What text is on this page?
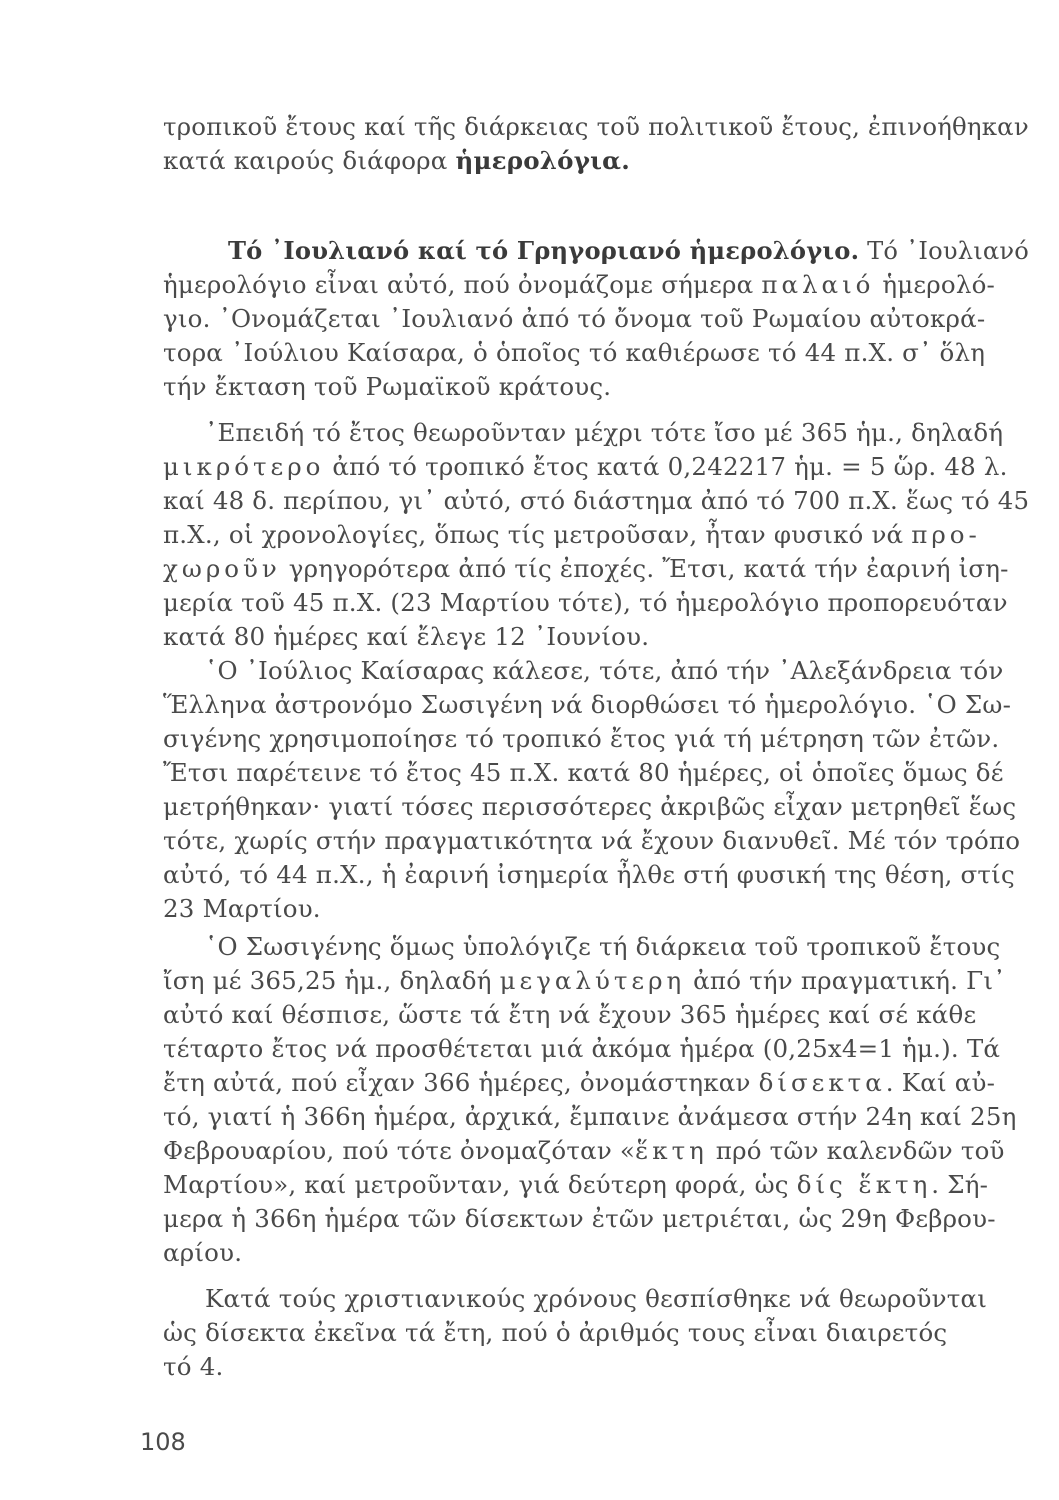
τροπικοῦ ἔτους καί τῆς διάρκειας τοῦ πολιτικοῦ ἔτους, ἐπινοήθηκαν
κατά καιρούς διάφορα ἡμερολόγια.
Τό ᾿Ιουλιανό καί τό Γρηγοριανό ἡμερολόγιο. Τό ᾿Ιουλιανό
ἡμερολόγιο εἶναι αὐτό, πού ὀνομάζομε σήμερα παλαιό ἡμερολό-
γιο. ᾿Ονομάζεται ᾿Ιουλιανό ἀπό τό ὄνομα τοῦ Ρωμαίου αὐτοκρά-
τορα ᾿Ιούλιου Καίσαρα, ὁ ὁποῖος τό καθιέρωσε τό 44 π.Χ. σ᾿ ὅλη
τήν ἔκταση τοῦ Ρωμαϊκοῦ κράτους.
᾿Επειδή τό ἔτος θεωροῦνταν μέχρι τότε ἴσο μέ 365 ἡμ., δηλαδή
μικρότερο ἀπό τό τροπικό ἔτος κατά 0,242217 ἡμ. = 5 ὥρ. 48 λ.
καί 48 δ. περίπου, γι᾿ αὐτό, στό διάστημα ἀπό τό 700 π.Χ. ἕως τό 45
π.Χ., οἱ χρονολογίες, ὅπως τίς μετροῦσαν, ἦταν φυσικό νά προ-
χωροῦν γρηγορότερα ἀπό τίς ἐποχές. Ἔτσι, κατά τήν ἐαρινή ἰση-
μερία τοῦ 45 π.Χ. (23 Μαρτίου τότε), τό ἡμερολόγιο προπορευόταν
κατά 80 ἡμέρες καί ἔλεγε 12 ᾿Ιουνίου.
῾Ο ᾿Ιούλιος Καίσαρας κάλεσε, τότε, ἀπό τήν ᾿Αλεξάνδρεια τόν
Ἕλληνα ἀστρονόμο Σωσιγένη νά διορθώσει τό ἡμερολόγιο. ῾Ο Σω-
σιγένης χρησιμοποίησε τό τροπικό ἔτος γιά τή μέτρηση τῶν ἐτῶν.
Ἔτσι παρέτεινε τό ἔτος 45 π.Χ. κατά 80 ἡμέρες, οἱ ὁποῖες ὅμως δέ
μετρήθηκαν· γιατί τόσες περισσότερες ἀκριβῶς εἶχαν μετρηθεῖ ἕως
τότε, χωρίς στήν πραγματικότητα νά ἔχουν διανυθεῖ. Μέ τόν τρόπο
αὐτό, τό 44 π.Χ., ἡ ἐαρινή ἰσημερία ἦλθε στή φυσική της θέση, στίς
23 Μαρτίου.
῾Ο Σωσιγένης ὅμως ὑπολόγιζε τή διάρκεια τοῦ τροπικοῦ ἔτους
ἴση μέ 365,25 ἡμ., δηλαδή μεγαλύτερη ἀπό τήν πραγματική. Γι᾿
αὐτό καί θέσπισε, ὥστε τά ἔτη νά ἔχουν 365 ἡμέρες καί σέ κάθε
τέταρτο ἔτος νά προσθέτεται μιά ἀκόμα ἡμέρα (0,25x4=1 ἡμ.). Τά
ἔτη αὐτά, πού εἶχαν 366 ἡμέρες, ὀνομάστηκαν δίσεκτα. Καί αὐ-
τό, γιατί ἡ 366η ἡμέρα, ἀρχικά, ἔμπαινε ἀνάμεσα στήν 24η καί 25η
Φεβρουαρίου, πού τότε ὀνομαζόταν «ἕκτη πρό τῶν καλενδῶν τοῦ
Μαρτίου», καί μετροῦνταν, γιά δεύτερη φορά, ὡς δίς ἕκτη. Σή-
μερα ἡ 366η ἡμέρα τῶν δίσεκτων ἐτῶν μετριέται, ὡς 29η Φεβρου-
αρίου.
Κατά τούς χριστιανικούς χρόνους θεσπίσθηκε νά θεωροῦνται
ὡς δίσεκτα ἐκεῖνα τά ἔτη, πού ὁ ἀριθμός τους εἶναι διαιρετός
τό 4.
108
